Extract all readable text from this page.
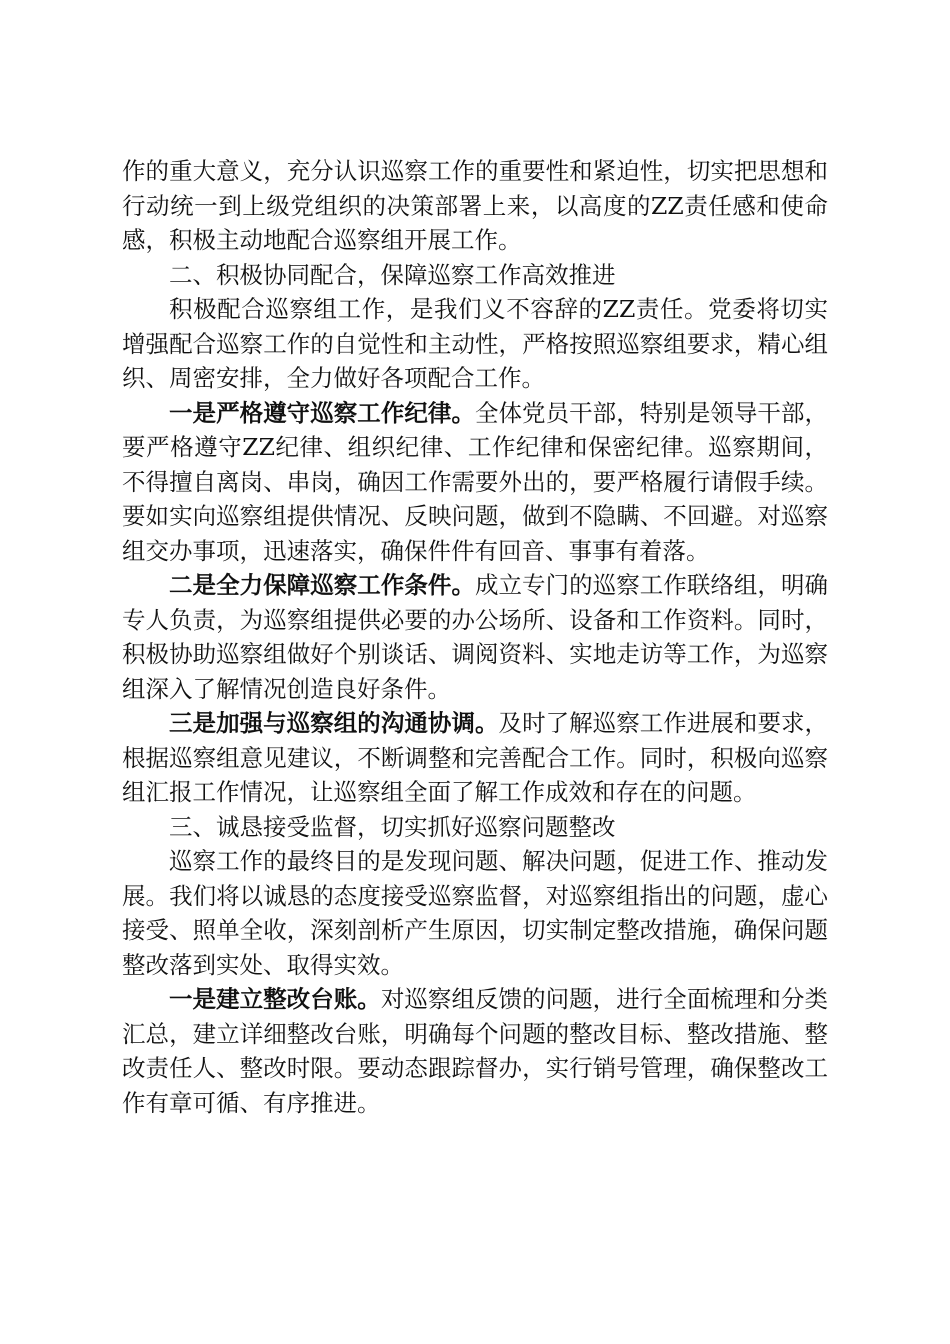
作的重大意义，充分认识巡察工作的重要性和紧迫性，切实把思想和行动统一到上级党组织的决策部署上来，以高度的ZZ责任感和使命感，积极主动地配合巡察组开展工作。

二、积极协同配合，保障巡察工作高效推进

积极配合巡察组工作，是我们义不容辞的ZZ责任。党委将切实增强配合巡察工作的自觉性和主动性，严格按照巡察组要求，精心组织、周密安排，全力做好各项配合工作。

一是严格遵守巡察工作纪律。全体党员干部，特别是领导干部，要严格遵守ZZ纪律、组织纪律、工作纪律和保密纪律。巡察期间，不得擅自离岗、串岗，确因工作需要外出的，要严格履行请假手续。要如实向巡察组提供情况、反映问题，做到不隐瞒、不回避。对巡察组交办事项，迅速落实，确保件件有回音、事事有着落。

二是全力保障巡察工作条件。成立专门的巡察工作联络组，明确专人负责，为巡察组提供必要的办公场所、设备和工作资料。同时，积极协助巡察组做好个别谈话、调阅资料、实地走访等工作，为巡察组深入了解情况创造良好条件。

三是加强与巡察组的沟通协调。及时了解巡察工作进展和要求，根据巡察组意见建议，不断调整和完善配合工作。同时，积极向巡察组汇报工作情况，让巡察组全面了解工作成效和存在的问题。

三、诚恳接受监督，切实抓好巡察问题整改

巡察工作的最终目的是发现问题、解决问题，促进工作、推动发展。我们将以诚恳的态度接受巡察监督，对巡察组指出的问题，虚心接受、照单全收，深刻剖析产生原因，切实制定整改措施，确保问题整改落到实处、取得实效。

一是建立整改台账。对巡察组反馈的问题，进行全面梳理和分类汇总，建立详细整改台账，明确每个问题的整改目标、整改措施、整改责任人、整改时限。要动态跟踪督办，实行销号管理，确保整改工作有章可循、有序推进。
